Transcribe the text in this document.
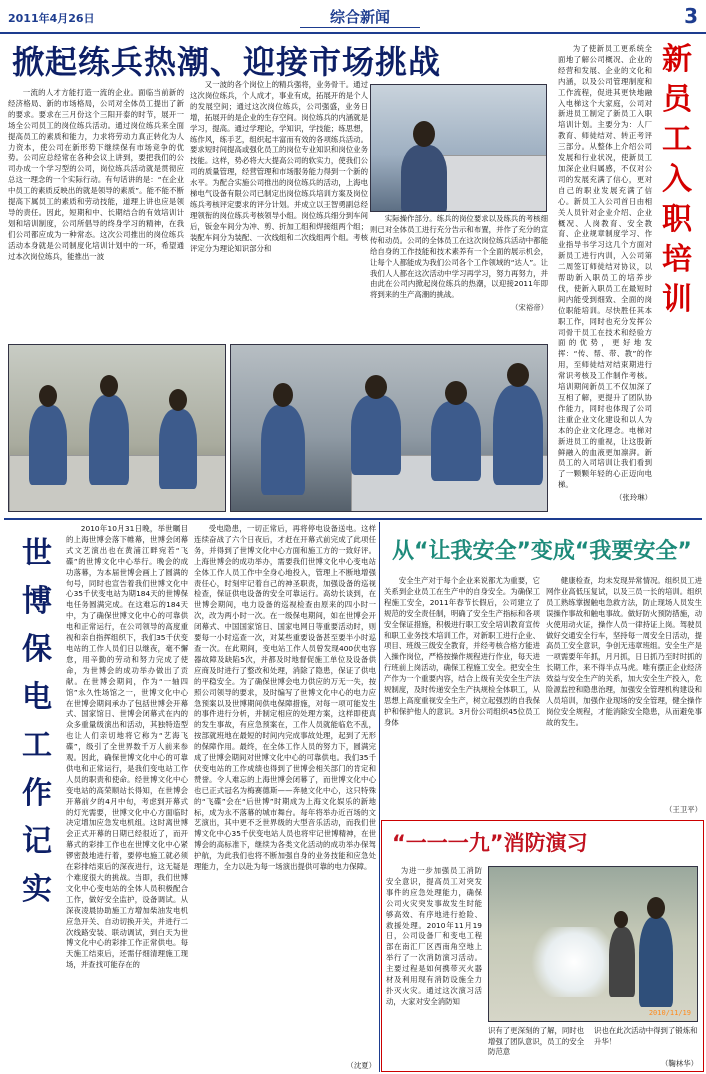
2011年4月26日	综合新闻	3
掀起练兵热潮、迎接市场挑战

一流的人才方能打造一流的企业。面临当前新的经济格局、新的市场格局，公司对全体员工提出了新的要求。要求在三月份这个三阳开泰的时节，展开一场全公司员工的岗位练兵活动。通过岗位练兵来全面提高员工的素质和能力，力求将劳动力真正转化为人力资本，使公司在新形势下继续保有市场竞争的优势。公司应总经常在各种会议上讲到，要把我们的公司办成一个学习型的公司，岗位练兵活动就是贯彻应总这一理念的一个实际行动。有句话讲的是：“在企业中员工的素质反映出的就是领导的素质”。能不能不断提高下属员工的素质和劳动技能，道理上讲也应是领导的责任。因此，短期和中、长期结合的有效培训计划和培训制度，公司所倡导的终身学习的精神，在我们公司都应成为一种常态。这次公司推出的岗位练兵活动本身就是公司制度化培训计划中的一环，希望通过本次岗位练兵，能推出一波

又一波的各个岗位上的精兵强将，业务骨干。通过这次岗位练兵，个人成才，事业有成，拓展开的是个人的发展空间；通过这次岗位练兵，公司强盛，业务日增，拓展开的是企业的生存空间。岗位练兵的内涵就是学习，提高。通过学理论，学知识，学技能；练思想，练作风，练手艺，组织起丰富而有效的各项练兵活动。要求短时间提高或强化员工的岗位专业知识和岗位业务技能。这样，势必将大大提高公司的软实力，使我们公司的质量管理，经营管理和市场服务能力得到一个新的水平。为配合实施公司推出的岗位练兵的活动，上海电梯电气设备有限公司已制定出岗位练兵培训方案及岗位练兵考核评定要求的评分计划。并成立以王智勇副总经理领衔的岗位练兵考核领导小组。岗位练兵细分到车间后，钣金车间分为冲、剪、折加工组和焊接组两个组；装配车间分为装配、一次线组和二次线组两个组。考核评定分为理论知识部分和

实际操作部分。练兵的岗位要求以及练兵的考核细则已对全体员工进行充分告示和布置，并作了充分的宣传和动员。公司的全体员工在这次岗位练兵活动中都能给自身的工作技能和技术素养有一个全面的展示机会，让每个人都能成为我们公司各个工作领域的“达人”。让我们人人都在这次活动中学习再学习，努力再努力，并由此在公司内掀起岗位练兵的热潮，以迎接2011年即将到来的生产高潮的挑战。

（宋裕帝）
新
员
工
入
职
培
训

为了使新员工更系统全面地了解公司概况、企业的经营和发展、企业的文化和内涵，以及公司管理制度和工作流程，促进其更快地融入电梯这个大家庭，公司对新进员工制定了新员工入职培训计划。主要分为：人厂教育、师徒结对、转正考评三部分。从整体上介绍公司发展和行业状况，使新员工加深企业归属感，不仅对公司的发展充满了信心，更对自己的职业发展充满了信心。新员工入公司首日由相关人员针对企业介绍、企业概况、人岗教育、安全教育、企业规章制度学习、作业指导书学习这几个方面对新员工进行内训，入公司第二周签订师徒结对协议，以帮助新入职员工的培养步伐，使新入职员工在最短时间内能受到细致、全面的岗位职能培训。尽快胜任其本职工作，同时也充分发挥公司骨干员工在技术和经验方面的优势，更好地发挥：“传、帮、带、教”的作用，至师徒结对结束期进行常识考核及工作制作考核。培训期间新员工不仅加深了互相了解，更提升了团队协作能力，同时也体现了公司注重企业文化建设和以人为本的企业文化理念。电梯对新进员工的重视，让这股新鲜融入的血液更加凛湃。新员工的入司培训让我们看到了一颗颗年轻的心正迈向电梯。

（张玲琳）
世
博
保
电
工
作
记
实

2010年10月31日晚，举世瞩目的上海世博会落下帷幕，世博会闭幕式文艺演出也在黄浦江畔宛若“飞碟”的世博文化中心举行。晚会的成功落幕，为本届世博会画上了圆满的句号，同时也宣告着我们世博文化中心35千伏变电站为期184天的世博保电任务圆满完成。在这难忘的184天中，为了确保世博文化中心的可靠供电和正常运行，在公司领导的高度重视和亲自指挥组织下，我们35千伏变电站的工作人员们日以继夜，毫不懈怠，用辛勤的劳动和努力完成了使命，为世博会的成功举办做出了贡献。在世博会期间，作为“一轴四馆”永久性场馆之一，世博文化中心在世博会期间承办了包括世博会开幕式、国家馆日、世博会闭幕式在内的众多重量级演出和活动，其独特造型也让人们亲切地将它称为“艺海飞碟”，级引了全世界数千万人前来参观。因此，确保世博文化中心的可靠供电和正常运行，是我们变电站工作人员的职责和使命。经世博文化中心变电站的高荣顺站长得知，在世博会开幕前夕的4月中旬，考虑到开幕式的灯光需要，世博文化中心方面临时决定增加应急发电机组。这时离世博会正式开幕的日期已经很近了，而开幕式的彩排工作也在世博文化中心紧锣密鼓地进行着，要停电施工就必须在彩排结束后的深夜进行，这无疑是个难度很大的挑战。当即，我们世博文化中心变电站的全体人员积极配合工作，做好安全监护，设备调试。从深夜凌晨协助施工方增加柴油发电机应急开关、自动切换开关，并进行二次线路安装、联动调试，到白天为世博文化中心的彩排工作正常供电。每天施工结束后，还需仔细清理施工现场，并查找可能存在的

受电隐患，一切正常后，再将停电设备送电。这样连续奋战了六个日夜后，才赶在开幕式前完成了此项任务，并得到了世博文化中心方面和施工方的一致好评。上海世博会的成功举办，需要我们世博文化中心变电站全体工作人员工作中全身心地投入，管理上不断地增强责任心，时刻牢记着自己的神圣职责，加强设备的巡视检查，保证供电设备的安全可靠运行。高幼长谈到，在世博会期间，电力设备的巡视检查由原来的四小时一次，改为两小时一次。在一级保电期间，如在世博会开闭幕式、中国国家馆日、国家电网日等重要活动时，则要每一小时巡查一次，对某些重要设备甚至要半小时巡查一次。在此期间，变电站工作人员曾发现400伏电容器故障及缺陷5次，并都及时地督促施工单位及设备供应商及时进行了整改和处理，消除了隐患，保证了供电的平稳安全。为了确保世博会电力供应的万无一失，按照公司领导的要求，及时编写了世博文化中心的电力应急预案以及世博期间供电保障措施，对每一项可能发生的事件进行分析，并制定相应的处理方案，这样即使真的发生事故，有应急预案在，工作人员就能临危不乱，按部就班地在最短的时间内完成事故处理，起到了无形的保障作用。最终，在全体工作人员的努力下，圆满完成了世博会期间对世博文化中心的可靠供电。我们35千伏变电站的工作成绩也得到了世博会相关部门的肯定和赞誉。令人难忘的上海世博会闭幕了，而世博文化中心也已正式冠名为梅赛德斯——奔驰文化中心，这只特殊的“飞碟”会在“后世博”时期成为上海文化娱乐的新地标，成为永不落幕的城市舞台。每年将举办近百场的文艺演出，其中更不乏世界级的大型音乐活动，而我们世博文化中心35千伏变电站人员也将牢记世博精神，在世博会的高标准下，继续为各类文化活动的成功举办保驾护航，为此我们也将不断加强自身的业务技能和应急处理能力，全力以赴为每一场演出提供可靠的电力保障。

（沈夏）
从“让我安全”变成“我要安全”

安全生产对于每个企业来说都尤为重要，它关系到企业员工在生产中的自身安全。为确保工程施工安全，2011年春节长假后，公司建立了规范的安全责任制，明确了安全生产指标和各项安全保证措施，积极进行职工安全培训教育宣传和职工业务技术培训工作，对新职工进行企业、项目、班级三级安全教育，并经考核合格方能进入操作岗位，严格按操作规程进行作业，每天进行班前上岗活动，确保工程施工安全。把安全生产作为一个重要内容，结合上级有关安全生产法规制度，及时传递安全生产执规检全体职工，从思想上高度重视安全生产，树立起强烈的自我保护和保护他人的意识。3月份公司组织45位员工身体

健康检查，均未发现异常情况。组织员工进网作业高低压复试，以及三员一长的培训。组织员工熟练掌握触电急救方法，防止现场人员发生误操作事故和触电事故。做好防火预防措施，动火使用动火证，操作人员一律持证上岗。驾驶员做好交通安全行车，坚持每一周安全日活动，提高员工安全意识，争创无违章班组。安全生产是一项需要年年抓，月月抓，日日抓乃至时时抓的长期工作，来不得半点马虎。唯有摆正企业经济效益与安全生产的关系，加大安全生产投入，危险源监控和隐患治理，加强安全管理机构建设和人员培训，加强作业现场的安全管理，健全操作岗位安全规程，才能消除安全隐患，从而避免事故的发生。

（王卫平）
“一一一九”消防演习

为进一步加强员工消防安全意识，提高员工对突发事件的应急处理能力，确保公司火灾突发事故发生时能够高效、有序地进行抢险、救援处理。2010年11月19日，公司设备厂和变电工程部在南汇厂区西南角空地上举行了一次消防演习活动。主要过程是如何携带灭火器材及利用现有消防设施全力扑灭火灾。通过这次演习活动，大家对安全消防知

2010/11/19
识有了更深刻的了解，同时也增强了团队意识，员工的安全防范意
识也在此次活动中得到了锻炼和升华！
（鞠林华）
